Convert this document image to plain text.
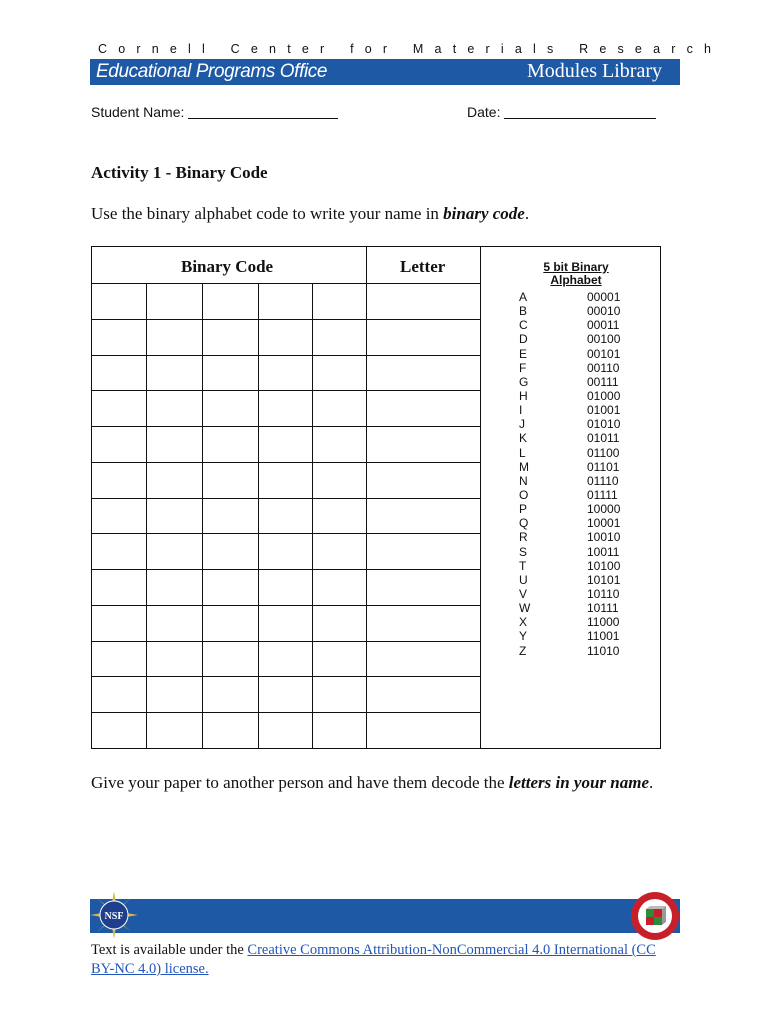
Cornell Center for Materials Research
Educational Programs Office	Modules Library
Student Name:	Date:
Activity 1 - Binary Code
Use the binary alphabet code to write your name in binary code.
Binary Code	Letter	5 bit Binary
Alphabet
A	00001
B	00010
C	00011
D	00100
E	00101
F	00110
G	00111
H	01000
I	01001
J	01010
K	01011
L	01100
M	01101
N	01110
O	01111
P	10000
Q	10001
R	10010
S	10011
T	10100
U	10101
V	10110
W	10111
X	11000
Y	11001
Z	11010
Give your paper to another person and have them decode the letters in your name.
NSF
Text is available under the Creative Commons Attribution-NonCommercial 4.0 International (CC BY-NC 4.0) license.
